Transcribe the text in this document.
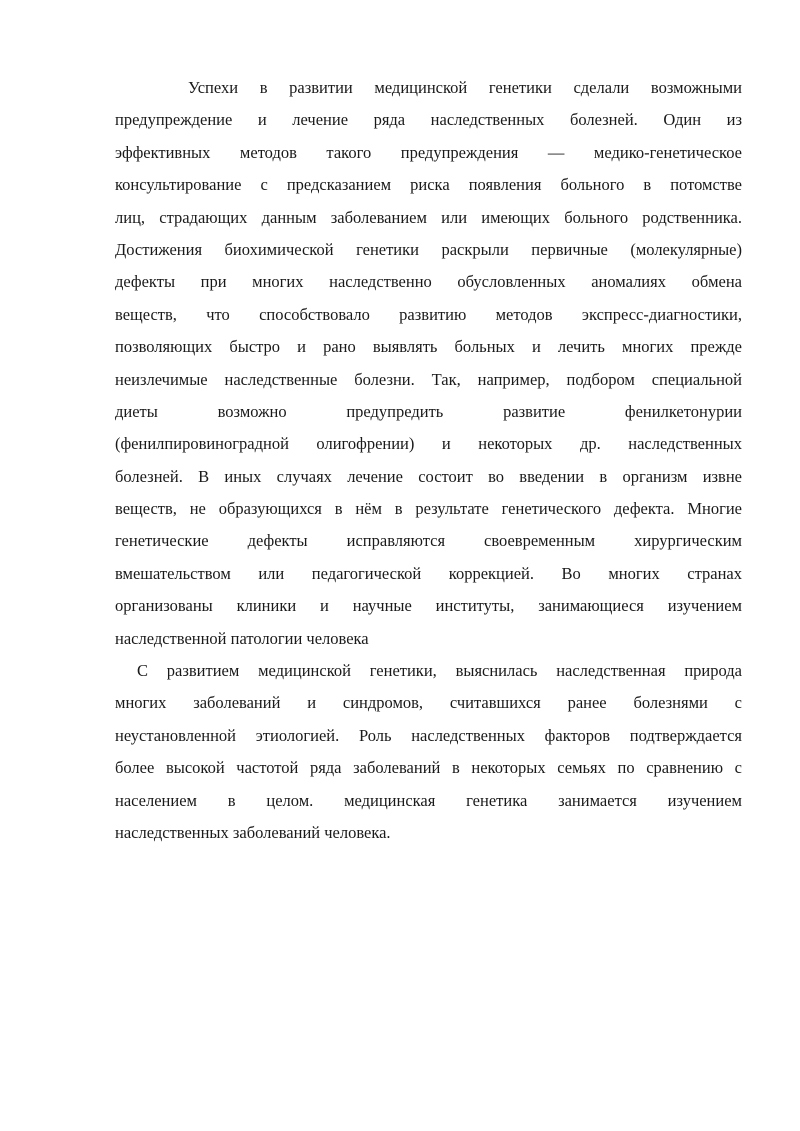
Успехи в развитии медицинской генетики сделали возможными
предупреждение и лечение ряда наследственных болезней. Один из
эффективных методов такого предупреждения — медико-генетическое
консультирование с предсказанием риска появления больного в потомстве
лиц, страдающих данным заболеванием или имеющих больного родственника.
Достижения биохимической генетики раскрыли первичные (молекулярные)
дефекты при многих наследственно обусловленных аномалиях обмена
веществ, что способствовало развитию методов экспресс-диагностики,
позволяющих быстро и рано выявлять больных и лечить многих прежде
неизлечимые наследственные болезни. Так, например, подбором специальной
диеты возможно предупредить развитие фенилкетонурии
(фенилпировиноградной олигофрении) и некоторых др. наследственных
болезней. В иных случаях лечение состоит во введении в организм извне
веществ, не образующихся в нём в результате генетического дефекта. Многие
генетические дефекты исправляются своевременным хирургическим
вмешательством или педагогической коррекцией. Во многих странах
организованы клиники и научные институты, занимающиеся изучением
наследственной патологии человека
С развитием медицинской генетики, выяснилась наследственная природа
многих заболеваний и синдромов, считавшихся ранее болезнями с
неустановленной этиологией. Роль наследственных факторов подтверждается
более высокой частотой ряда заболеваний в некоторых семьях по сравнению с
населением в целом. медицинская генетика занимается изучением
наследственных заболеваний человека.
